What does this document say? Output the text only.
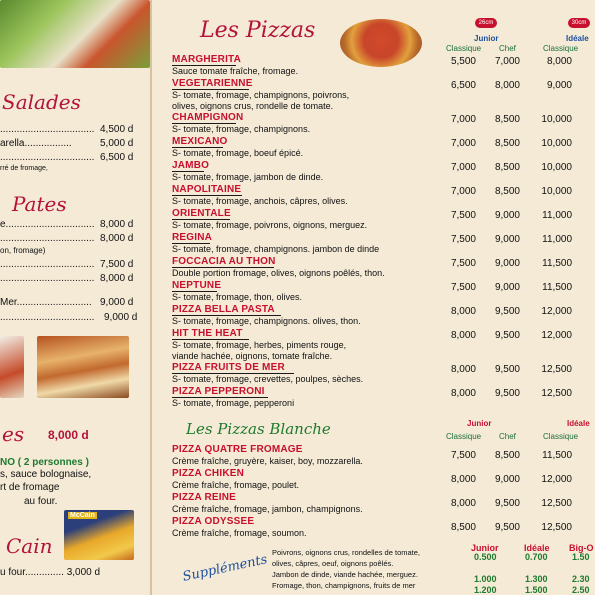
Salades
.................................. 4,500 d
arella.................	5,000 d
.................................. 6,500 d
rré de fromage,
Pates
e................................ 8,000 d
.................................. 8,000 d
on, fromage)
.................................. 7,500 d
.................................. 8,000 d
Mer........................... 9,000 d
.................................. 9,000 d
es 8,000 d
NO ( 2 personnes )
s, sauce bolognaise,
rt de fromage
au four.
McCain
Cain
u four.............. 3,000 d
Les Pizzas	26cm	30cm
Junior	Idéale
Classique Chef	Classique
MARGHERITA
Sauce tomate fraîche, fromage.
5,500	7,000	8,000
VEGETARIENNE
S- tomate, fromage, champignons, poivrons,
olives, oignons crus, rondelle de tomate.
6,500	8,000	9,000
CHAMPIGNON
S- tomate, fromage, champignons.
7,000	8,500	10,000
MEXICANO
S- tomate, fromage, boeuf épicé.
7,000	8,500	10,000
JAMBO
S- tomate, fromage, jambon de dinde.
7,000	8,500	10,000
NAPOLITAINE
S- tomate, fromage, anchois, câpres, olives.
7,000	8,500	10,000
ORIENTALE
S- tomate, fromage, poivrons, oignons, merguez.
7,500	9,000	11,000
REGINA
S- tomate, fromage, champignons. jambon de dinde
7,500	9,000	11,000
FOCCACIA AU THON
Double portion fromage, olives, oignons poêlés, thon.
7,500	9,000	11,500
NEPTUNE
S- tomate, fromage, thon, olives.
7,500	9,000	11,500
PIZZA BELLA PASTA
S- tomate, fromage, champignons. olives, thon.
8,000	9,500	12,000
HIT THE HEAT
S- tomate, fromage, herbes, piments rouge,
viande hachée, oignons, tomate fraîche.
8,000	9,500	12,000
PIZZA FRUITS DE MER
S- tomate, fromage, crevettes, poulpes, sèches.
8,000	9,500	12,500
PIZZA PEPPERONI
S- tomate, fromage, pepperoni
8,000	9,500	12,500
Les Pizzas Blanche	Junior	Idéale
Classique Chef	Classique
PIZZA QUATRE FROMAGE
Crème fraîche, gruyère, kaiser, boy, mozzarella.	7,500	8,500	11,500
PIZZA CHIKEN
Crème fraîche, fromage, poulet.	8,000	9,000	12,000
PIZZA REINE
Crème fraîche, fromage, jambon, champignons.	8,000	9,500	12,500
PIZZA ODYSSEE
Crème fraîche, fromage, soumon.	8,500	9,500	12,500
Suppléments
Junior	Idéale Big-O
Poivrons, oignons crus, rondelles de tomate,	0.500	0.700	1.50
olives, câpres, oeuf, oignons poêlés.
Jambon de dinde, viande hachée, merguez.	1.000	1.300	2.30
Fromage, thon, champignons, fruits de mer	1.200	1.500	2.50
